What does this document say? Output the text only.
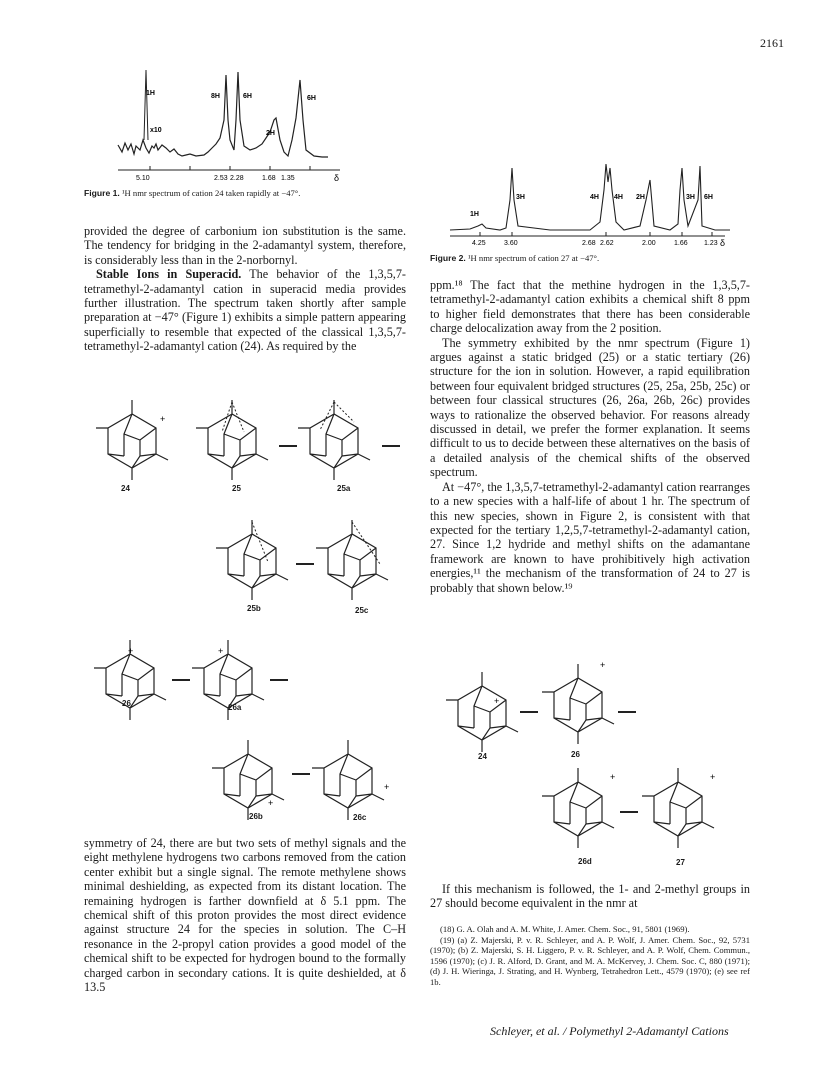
2161
1H	8H	6H	6H
2H
x10
5.10	2.53 2.28	1.68 1.35	δ
Figure 1. ¹H nmr spectrum of cation 24 taken rapidly at −47°.
1H
3H	4H 4H 2H	3H 6H
4.25	3.60	2.68 2.62	2.00	1.66 1.23 δ
Figure 2. ¹H nmr spectrum of cation 27 at −47°.

provided the degree of carbonium ion substitution is the same. The tendency for bridging in the 2-adamantyl system, therefore, is considerably less than in the 2-norbornyl.

Stable Ions in Superacid. The behavior of the 1,3,5,7-tetramethyl-2-adamantyl cation in superacid media provides further illustration. The spectrum taken shortly after sample preparation at −47° (Figure 1) exhibits a simple pattern appearing superficially to resemble that expected of the classical 1,3,5,7-tetramethyl-2-adamantyl cation (24). As required by the

+
+	+
+
+
24	25	25a
25b	25c
26	26a
26b	26c

symmetry of 24, there are but two sets of methyl signals and the eight methylene hydrogens two carbons removed from the cation center exhibit but a single signal. The remote methylene shows minimal deshielding, as expected from its distant location. The remaining hydrogen is farther downfield at δ 5.1 ppm. The chemical shift of this proton provides the most direct evidence against structure 24 for the species in solution. The C–H resonance in the 2-propyl cation provides a good model of the chemical shift to be expected for hydrogen bound to the formally charged carbon in secondary cations. It is quite deshielded, at δ 13.5

ppm.¹⁸ The fact that the methine hydrogen in the 1,3,5,7-tetramethyl-2-adamantyl cation exhibits a chemical shift 8 ppm to higher field demonstrates that there has been considerable charge delocalization away from the 2 position.

The symmetry exhibited by the nmr spectrum (Figure 1) argues against a static bridged (25) or a static tertiary (26) structure for the ion in solution. However, a rapid equilibration between four equivalent bridged structures (25, 25a, 25b, 25c) or between four classical structures (26, 26a, 26b, 26c) provides ways to rationalize the observed behavior. For reasons already discussed in detail, we prefer the former explanation. It seems difficult to us to decide between these alternatives on the basis of a detailed analysis of the chemical shifts of the observed spectrum.

At −47°, the 1,3,5,7-tetramethyl-2-adamantyl cation rearranges to a new species with a half-life of about 1 hr. The spectrum of this new species, shown in Figure 2, is consistent with that expected for the tertiary 1,2,5,7-tetramethyl-2-adamantyl cation, 27. Since 1,2 hydride and methyl shifts on the adamantane framework are known to have prohibitively high activation energies,¹¹ the mechanism of the transformation of 24 to 27 is probably that shown below.¹⁹

+
+
+	+
24	26
26d	27

If this mechanism is followed, the 1- and 2-methyl groups in 27 should become equivalent in the nmr at

(18) G. A. Olah and A. M. White, J. Amer. Chem. Soc., 91, 5801 (1969).

(19) (a) Z. Majerski, P. v. R. Schleyer, and A. P. Wolf, J. Amer. Chem. Soc., 92, 5731 (1970); (b) Z. Majerski, S. H. Liggero, P. v. R. Schleyer, and A. P. Wolf, Chem. Commun., 1596 (1970); (c) J. R. Alford, D. Grant, and M. A. McKervey, J. Chem. Soc. C, 880 (1971); (d) J. H. Wieringa, J. Strating, and H. Wynberg, Tetrahedron Lett., 4579 (1970); (e) see ref 1b.

Schleyer, et al. / Polymethyl 2-Adamantyl Cations
